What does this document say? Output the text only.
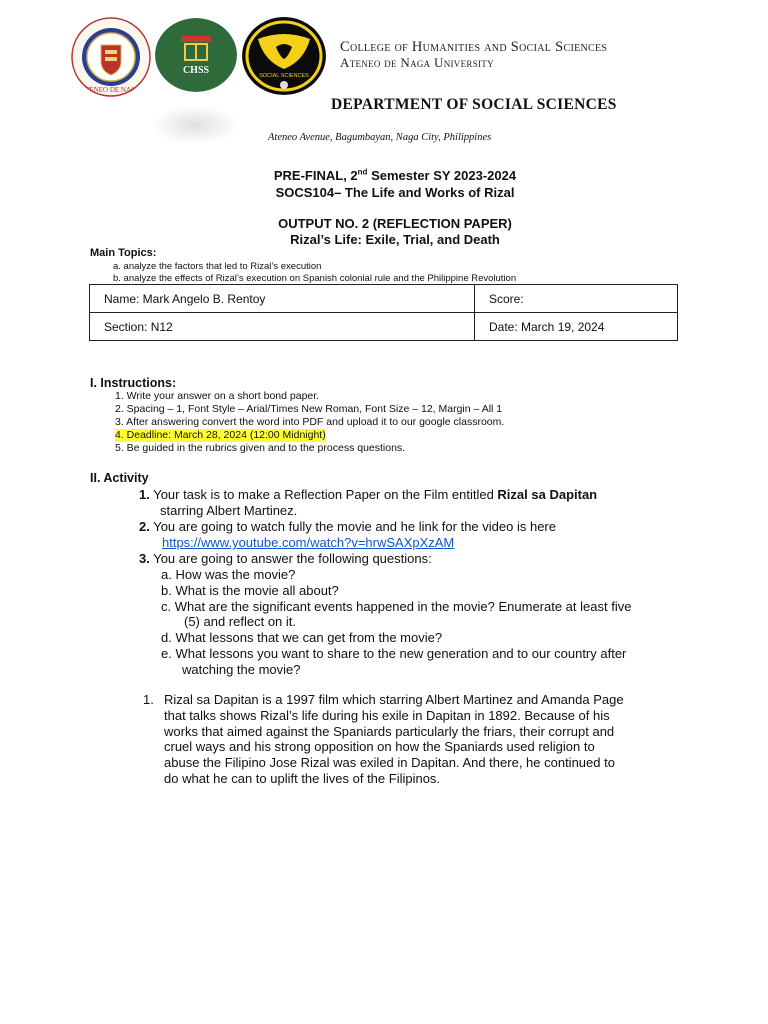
ATENEO DE NAGA
CHSS	SOCIAL SCIENCES
College of Humanities and Social Sciences
Ateneo de Naga University
DEPARTMENT OF SOCIAL SCIENCES
Ateneo Avenue, Bagumbayan, Naga City, Philippines
PRE-FINAL, 2nd Semester SY 2023-2024
SOCS104– The Life and Works of Rizal
OUTPUT NO. 2 (REFLECTION PAPER)
Rizal’s Life: Exile, Trial, and Death
Main Topics:
a. analyze the factors that led to Rizal’s execution
b. analyze the effects of Rizal’s execution on Spanish colonial rule and the Philippine Revolution
Name: Mark Angelo B. Rentoy	Score:
Section: N12	Date: March 19, 2024
I. Instructions:
1. Write your answer on a short bond paper.
2. Spacing – 1, Font Style – Arial/Times New Roman, Font Size – 12, Margin – All 1
3. After answering convert the word into PDF and upload it to our google classroom.
4. Deadline: March 28, 2024 (12:00 Midnight)
5. Be guided in the rubrics given and to the process questions.
II. Activity
1. Your task is to make a Reflection Paper on the Film entitled Rizal sa Dapitan
starring Albert Martinez.
2. You are going to watch fully the movie and he link for the video is here
https://www.youtube.com/watch?v=hrwSAXpXzAM
3. You are going to answer the following questions:
a. How was the movie?
b. What is the movie all about?
c. What are the significant events happened in the movie? Enumerate at least five
(5) and reflect on it.
d. What lessons that we can get from the movie?
e. What lessons you want to share to the new generation and to our country after
watching the movie?
1. Rizal sa Dapitan is a 1997 film which starring Albert Martinez and Amanda Page
that talks shows Rizal’s life during his exile in Dapitan in 1892. Because of his
works that aimed against the Spaniards particularly the friars, their corrupt and
cruel ways and his strong opposition on how the Spaniards used religion to
abuse the Filipino Jose Rizal was exiled in Dapitan. And there, he continued to
do what he can to uplift the lives of the Filipinos.
